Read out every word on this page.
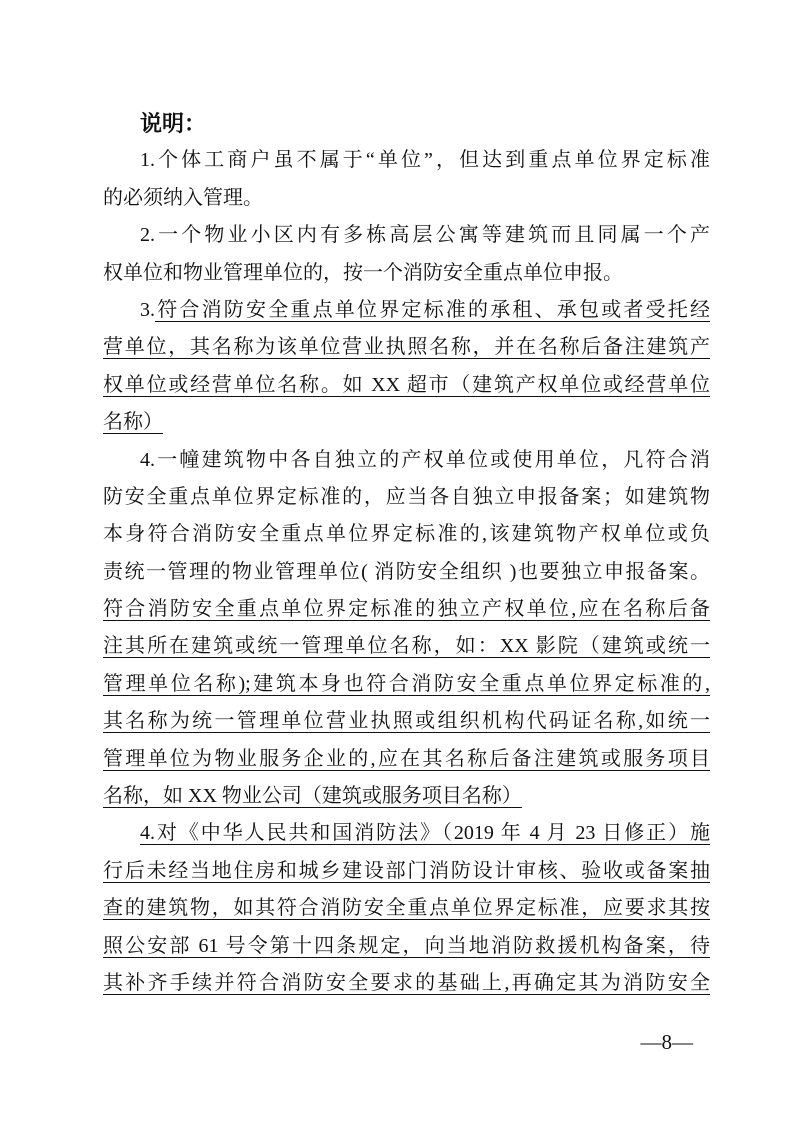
说明：
1.个体工商户虽不属于“单位”，但达到重点单位界定标准
的必须纳入管理。
2.一个物业小区内有多栋高层公寓等建筑而且同属一个产
权单位和物业管理单位的，按一个消防安全重点单位申报。
3.符合消防安全重点单位界定标准的承租、承包或者受托经
营单位，其名称为该单位营业执照名称，并在名称后备注建筑产
权单位或经营单位名称。如 XX 超市（建筑产权单位或经营单位
名称）
4.一幢建筑物中各自独立的产权单位或使用单位，凡符合消
防安全重点单位界定标准的，应当各自独立申报备案；如建筑物
本身符合消防安全重点单位界定标准的,该建筑物产权单位或负
责统一管理的物业管理单位( 消防安全组织 )也要独立申报备案。
符合消防安全重点单位界定标准的独立产权单位,应在名称后备
注其所在建筑或统一管理单位名称，如：XX 影院（建筑或统一
管理单位名称);建筑本身也符合消防安全重点单位界定标准的,
其名称为统一管理单位营业执照或组织机构代码证名称,如统一
管理单位为物业服务企业的,应在其名称后备注建筑或服务项目
名称，如 XX 物业公司（建筑或服务项目名称）
4.对《中华人民共和国消防法》（2019 年 4 月 23 日修正）施
行后未经当地住房和城乡建设部门消防设计审核、验收或备案抽
查的建筑物，如其符合消防安全重点单位界定标准，应要求其按
照公安部 61 号令第十四条规定，向当地消防救援机构备案，待
其补齐手续并符合消防安全要求的基础上,再确定其为消防安全
—8—
